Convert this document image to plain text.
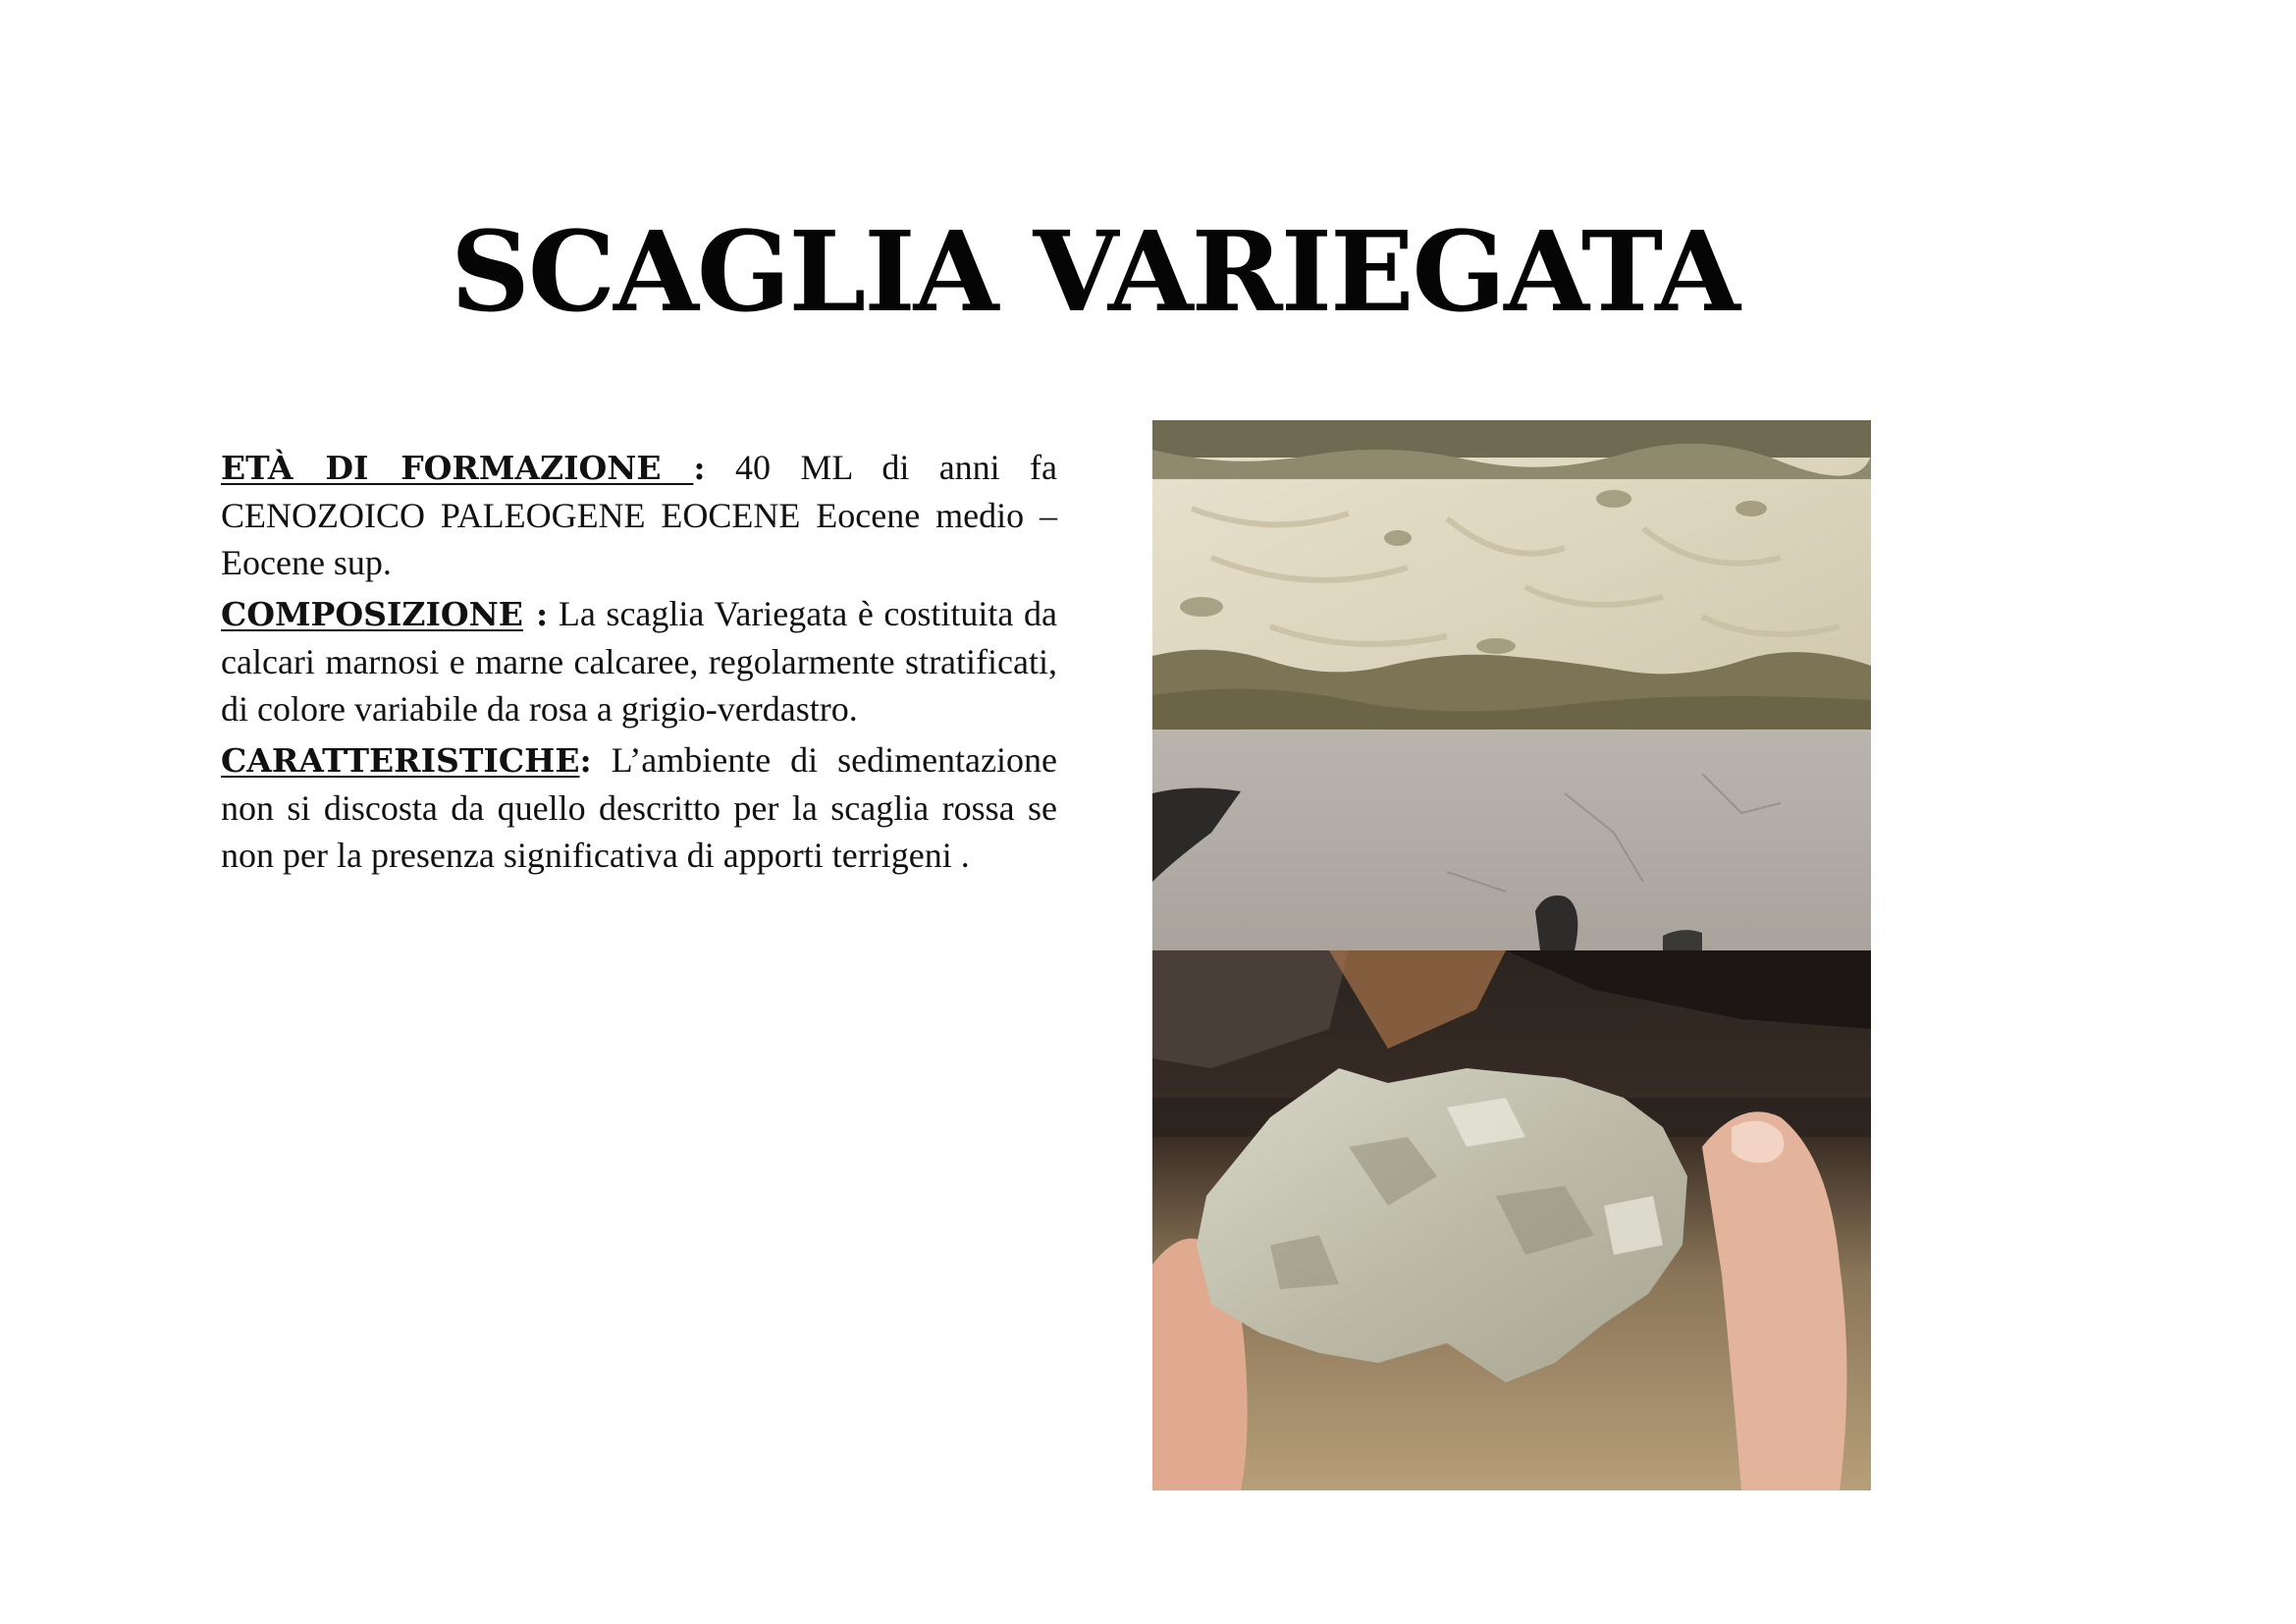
SCAGLIA VARIEGATA

ETÀ DI FORMAZIONE : 40 ML di anni fa CENOZOICO PALEOGENE EOCENE Eocene medio – Eocene sup.

COMPOSIZIONE : La scaglia Variegata è costituita da calcari marnosi e marne calcaree, regolarmente stratificati, di colore variabile da rosa a grigio-verdastro.

CARATTERISTICHE: L’ambiente di sedimentazione non si discosta da quello descritto per la scaglia rossa se non per la presenza significativa di apporti terrigeni .
